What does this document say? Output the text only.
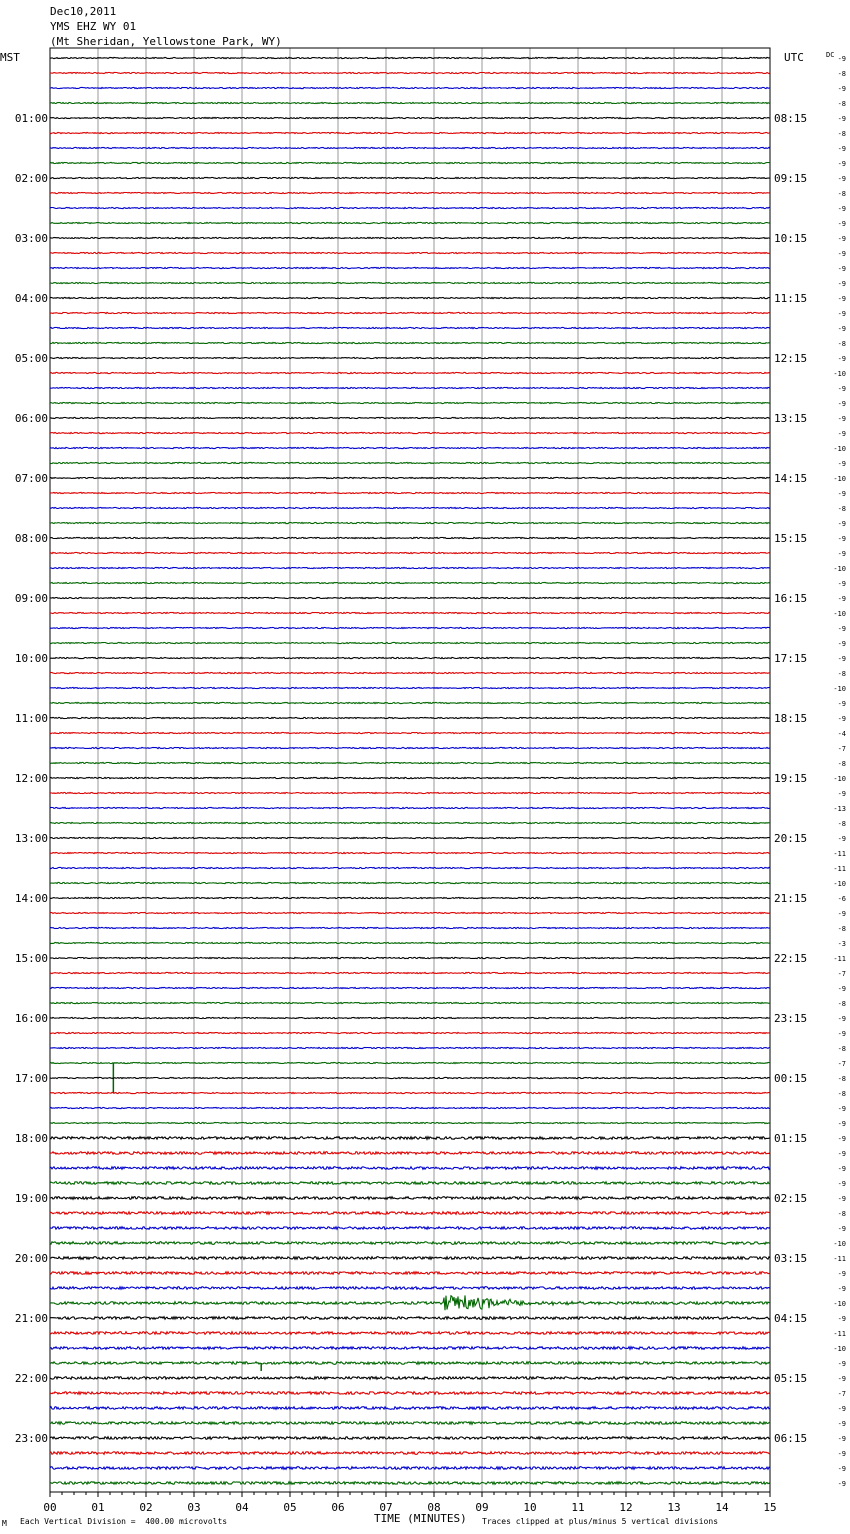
Dec10,2011
YMS EHZ WY 01
(Mt Sheridan, Yellowstone Park, WY)
-9
-8
-9
-8
-9
-8
-9
-9
-9
-8
-9
-9
-9
-9
-9
-9
-9
-9
-9
-8
-9
-10
-9
-9
-9
-9
-10
-9
-10
-9
-8
-9
-9
-9
-10
-9
-9
-10
-9
-9
-9
-8
-10
-9
-9
-4
-7
-8
-10
-9
-13
-8
-9
-11
-11
-10
-6
-9
-8
-3
-11
-7
-9
-8
-9
-9
-8
-7
-8
-8
-9
-9
-9
-9
-9
-9
-9
-8
-9
-10
-11
-9
-9
-10
-9
-11
-10
-9
-9
-7
-9
-9
-9
-9
-9
-9
MST	UTC	DC
01:00
02:00
03:00
04:00
05:00
06:00
07:00
08:00
09:00
10:00
11:00
12:00
13:00
14:00
15:00
16:00
17:00
18:00
19:00
20:00
21:00
22:00
23:00
08:15
09:15
10:15
11:15
12:15
13:15
14:15
15:15
16:15
17:15
18:15
19:15
20:15
21:15
22:15
23:15
00:15
01:15
02:15
03:15
04:15
05:15
06:15
00	01	02	03	04	05	06	07	08	09	10	11	12	13	14	15
M Each Vertical Division =  400.00 microvolts	TIME (MINUTES) Traces clipped at plus/minus 5 vertical divisions
